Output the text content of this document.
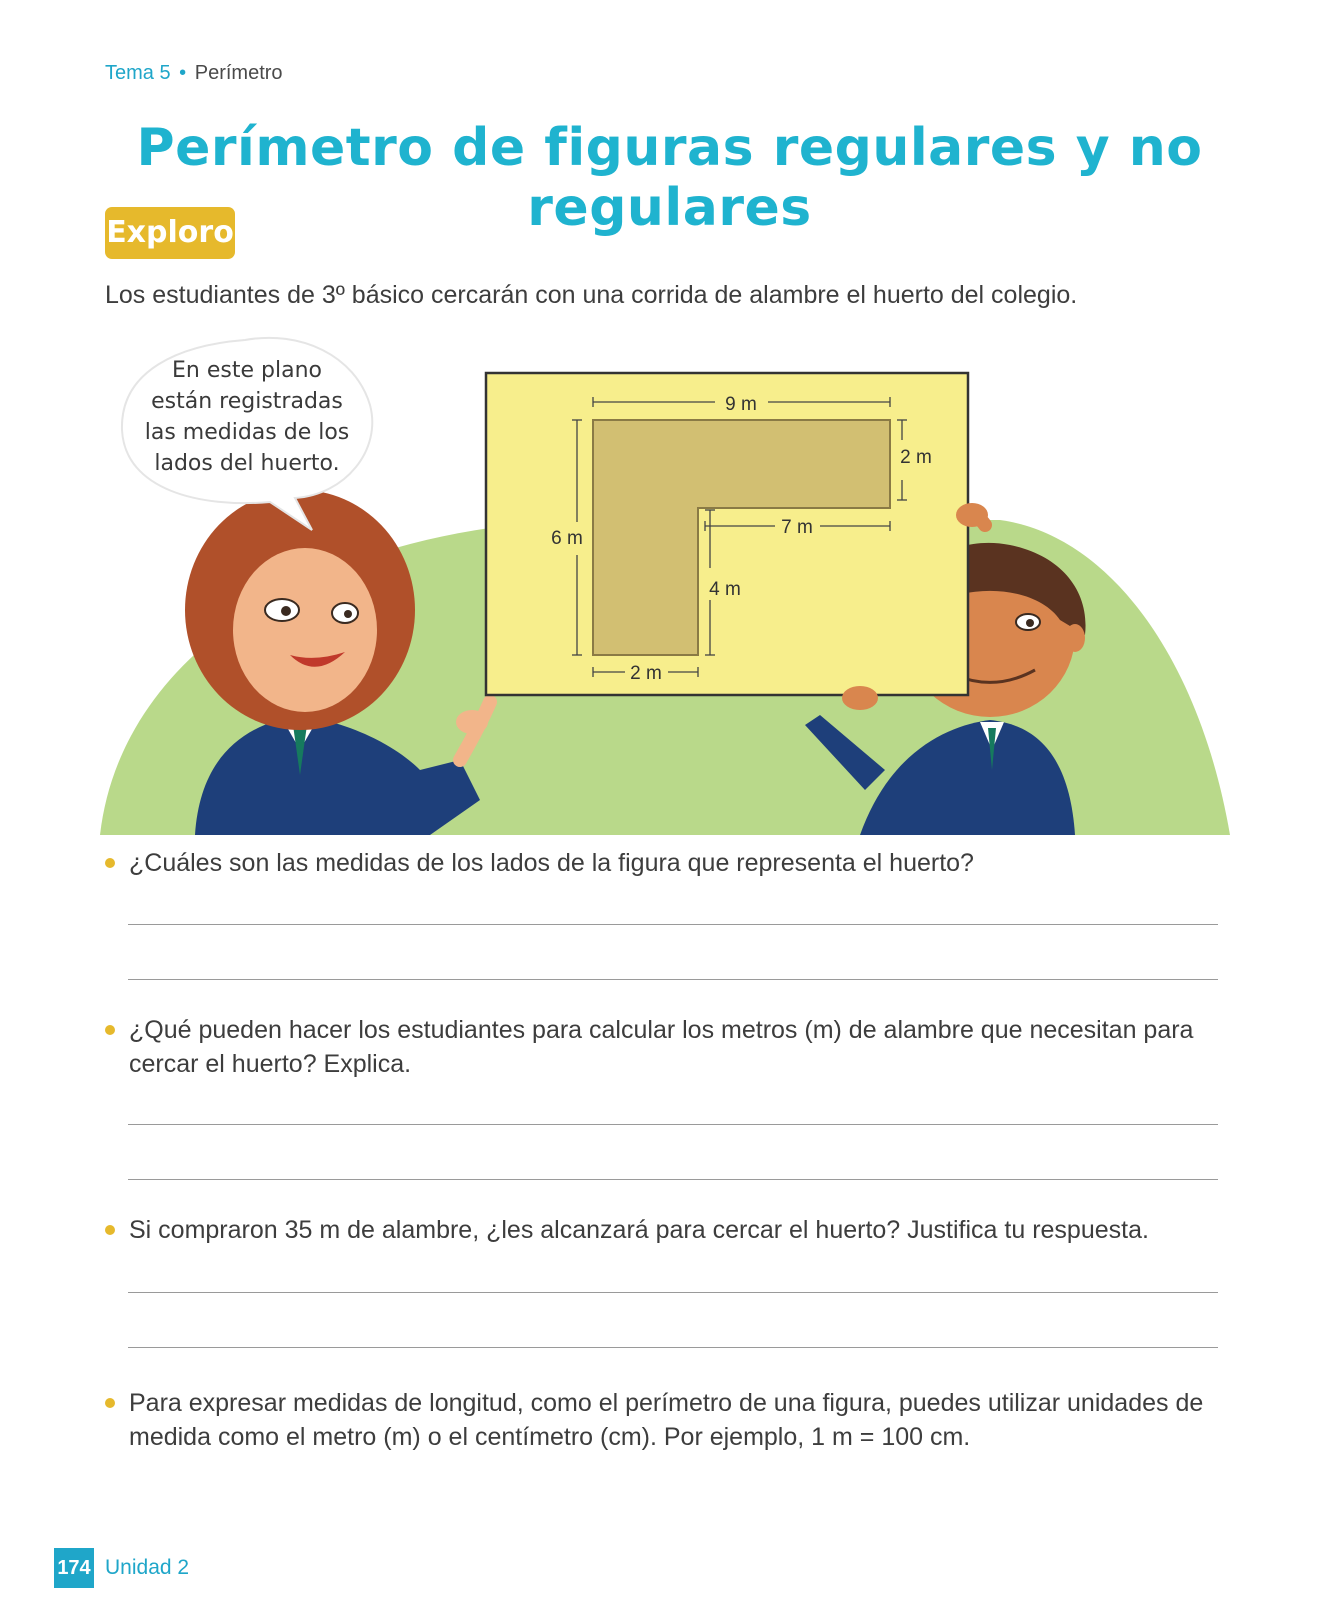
Tema 5 • Perímetro
Perímetro de figuras regulares y no regulares
Exploro
Los estudiantes de 3º básico cercarán con una corrida de alambre el huerto del colegio.
9 m
2 m
7 m
6 m
4 m
2 m
En este plano
están registradas
las medidas de los
lados del huerto.
¿Cuáles son las medidas de los lados de la figura que representa el huerto?
¿Qué pueden hacer los estudiantes para calcular los metros (m) de alambre que necesitan para cercar el huerto? Explica.
Si compraron 35 m de alambre, ¿les alcanzará para cercar el huerto? Justifica tu respuesta.
Para expresar medidas de longitud, como el perímetro de una figura, puedes utilizar unidades de medida como el metro (m) o el centímetro (cm). Por ejemplo, 1 m = 100 cm.
174 Unidad 2
